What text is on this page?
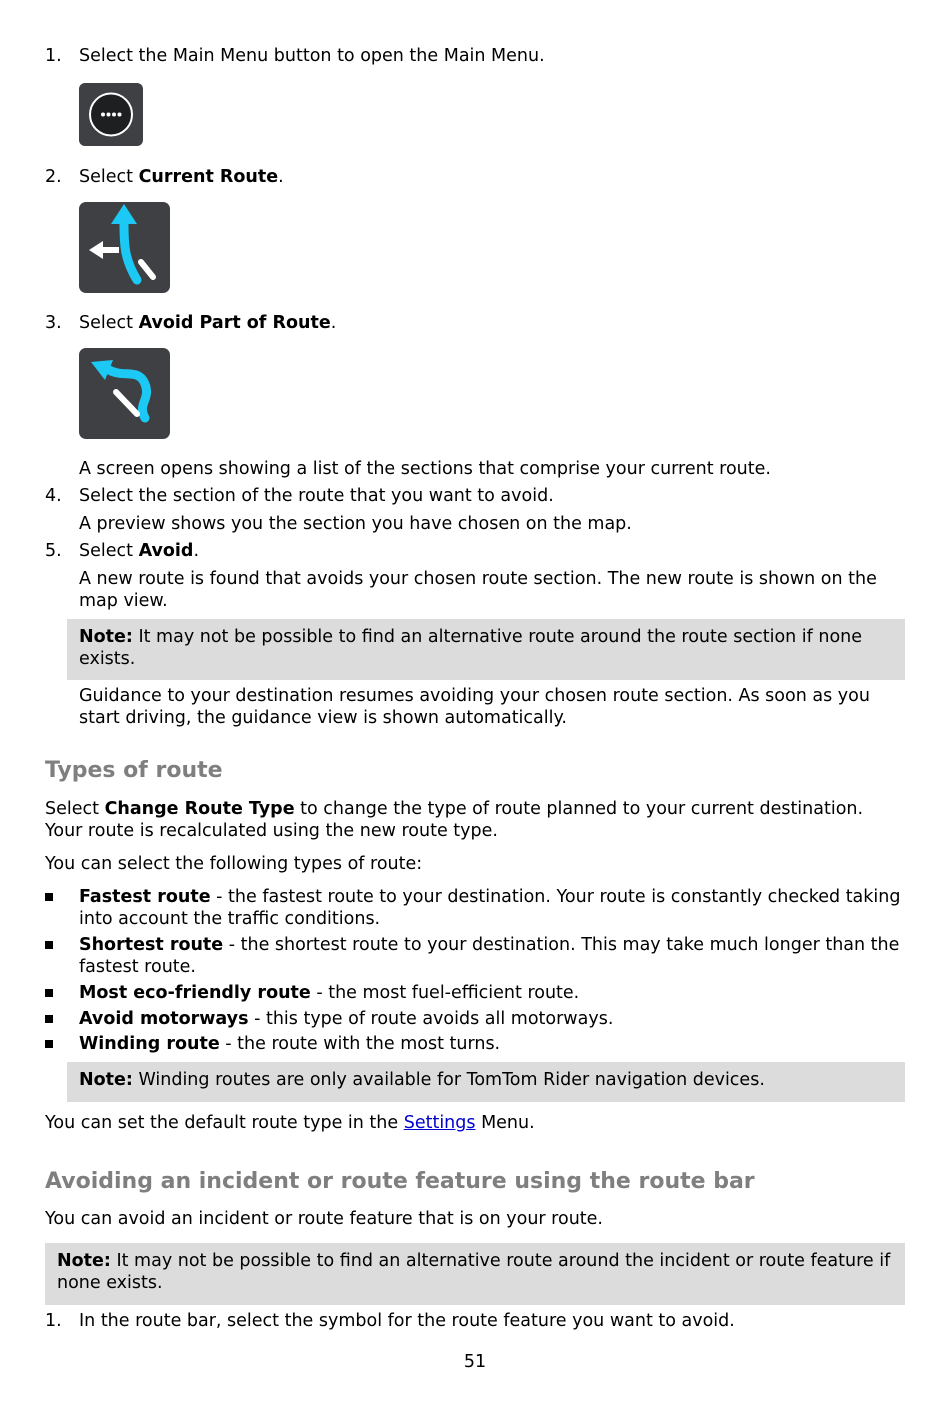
1. Select the Main Menu button to open the Main Menu.
2. Select Current Route.
3. Select Avoid Part of Route.
A screen opens showing a list of the sections that comprise your current route.
4. Select the section of the route that you want to avoid.
A preview shows you the section you have chosen on the map.
5. Select Avoid.
A new route is found that avoids your chosen route section. The new route is shown on the map view.
Note: It may not be possible to find an alternative route around the route section if none exists.
Guidance to your destination resumes avoiding your chosen route section. As soon as you start driving, the guidance view is shown automatically.
Types of route
Select Change Route Type to change the type of route planned to your current destination. Your route is recalculated using the new route type.
You can select the following types of route:
Fastest route - the fastest route to your destination. Your route is constantly checked taking into account the traffic conditions.
Shortest route - the shortest route to your destination. This may take much longer than the fastest route.
Most eco-friendly route - the most fuel-efficient route.
Avoid motorways - this type of route avoids all motorways.
Winding route - the route with the most turns.
Note: Winding routes are only available for TomTom Rider navigation devices.
You can set the default route type in the Settings Menu.
Avoiding an incident or route feature using the route bar
You can avoid an incident or route feature that is on your route.
Note: It may not be possible to find an alternative route around the incident or route feature if none exists.
1. In the route bar, select the symbol for the route feature you want to avoid.
51
